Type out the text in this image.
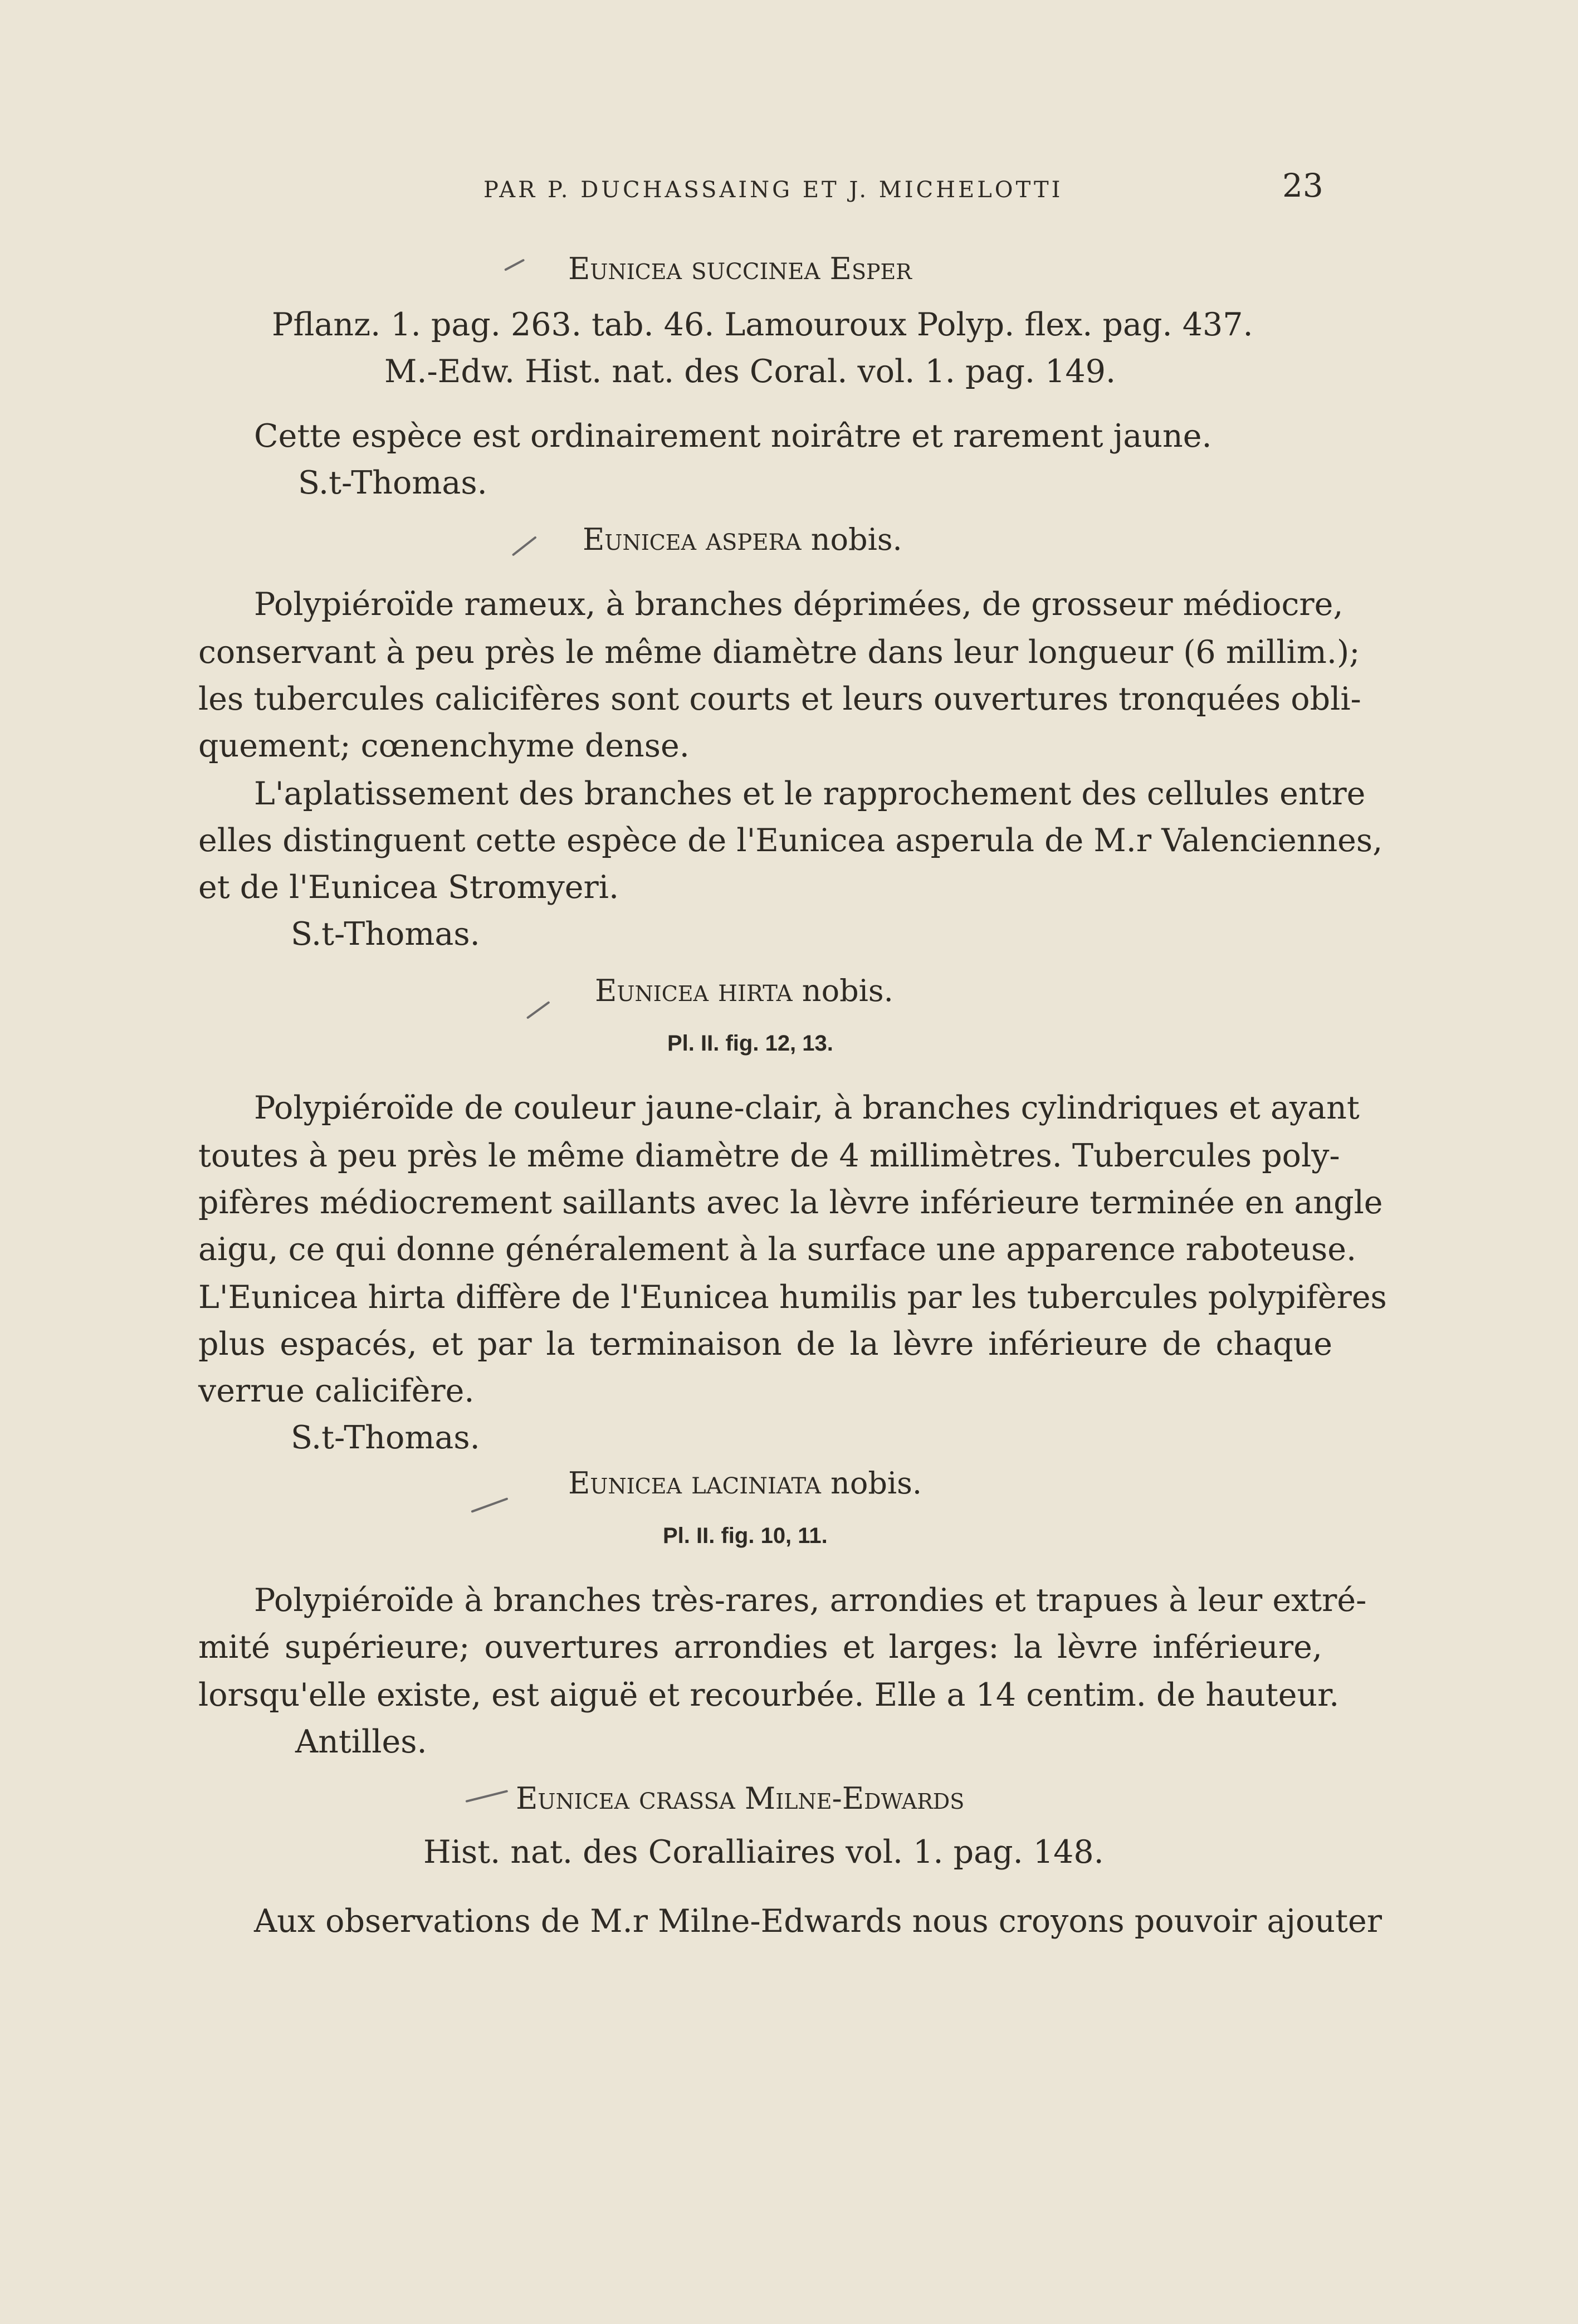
PAR P. DUCHASSAING ET J. MICHELOTTI	23
Eunicea SUCCINEA Esper

Pflanz. 1. pag. 263. tab. 46. Lamouroux Polyp. flex. pag. 437.

M.-Edw. Hist. nat. des Coral. vol. 1. pag. 149.

Cette espèce est ordinairement noirâtre et rarement jaune.

S.t-Thomas.

Eunicea ASPERA nobis.

Polypiéroïde rameux, à branches déprimées, de grosseur médiocre,

conservant à peu près le même diamètre dans leur longueur (6 millim.);

les tubercules calicifères sont courts et leurs ouvertures tronquées obli-

quement; cœnenchyme dense.

L'aplatissement des branches et le rapprochement des cellules entre

elles distinguent cette espèce de l'Eunicea asperula de M.r Valenciennes,

et de l'Eunicea Stromyeri.

S.t-Thomas.

Eunicea HIRTA nobis.

Pl. II. fig. 12, 13.

Polypiéroïde de couleur jaune-clair, à branches cylindriques et ayant

toutes à peu près le même diamètre de 4 millimètres. Tubercules poly-

pifères médiocrement saillants avec la lèvre inférieure terminée en angle

aigu, ce qui donne généralement à la surface une apparence raboteuse.

L'Eunicea hirta diffère de l'Eunicea humilis par les tubercules polypifères

plus espacés, et par la terminaison de la lèvre inférieure de chaque

verrue calicifère.

S.t-Thomas.

Eunicea LACINIATA nobis.

Pl. II. fig. 10, 11.

Polypiéroïde à branches très-rares, arrondies et trapues à leur extré-

mité supérieure; ouvertures arrondies et larges: la lèvre inférieure,

lorsqu'elle existe, est aiguë et recourbée. Elle a 14 centim. de hauteur.

Antilles.

Eunicea CRASSA Milne-Edwards

Hist. nat. des Coralliaires vol. 1. pag. 148.

Aux observations de M.r Milne-Edwards nous croyons pouvoir ajouter
